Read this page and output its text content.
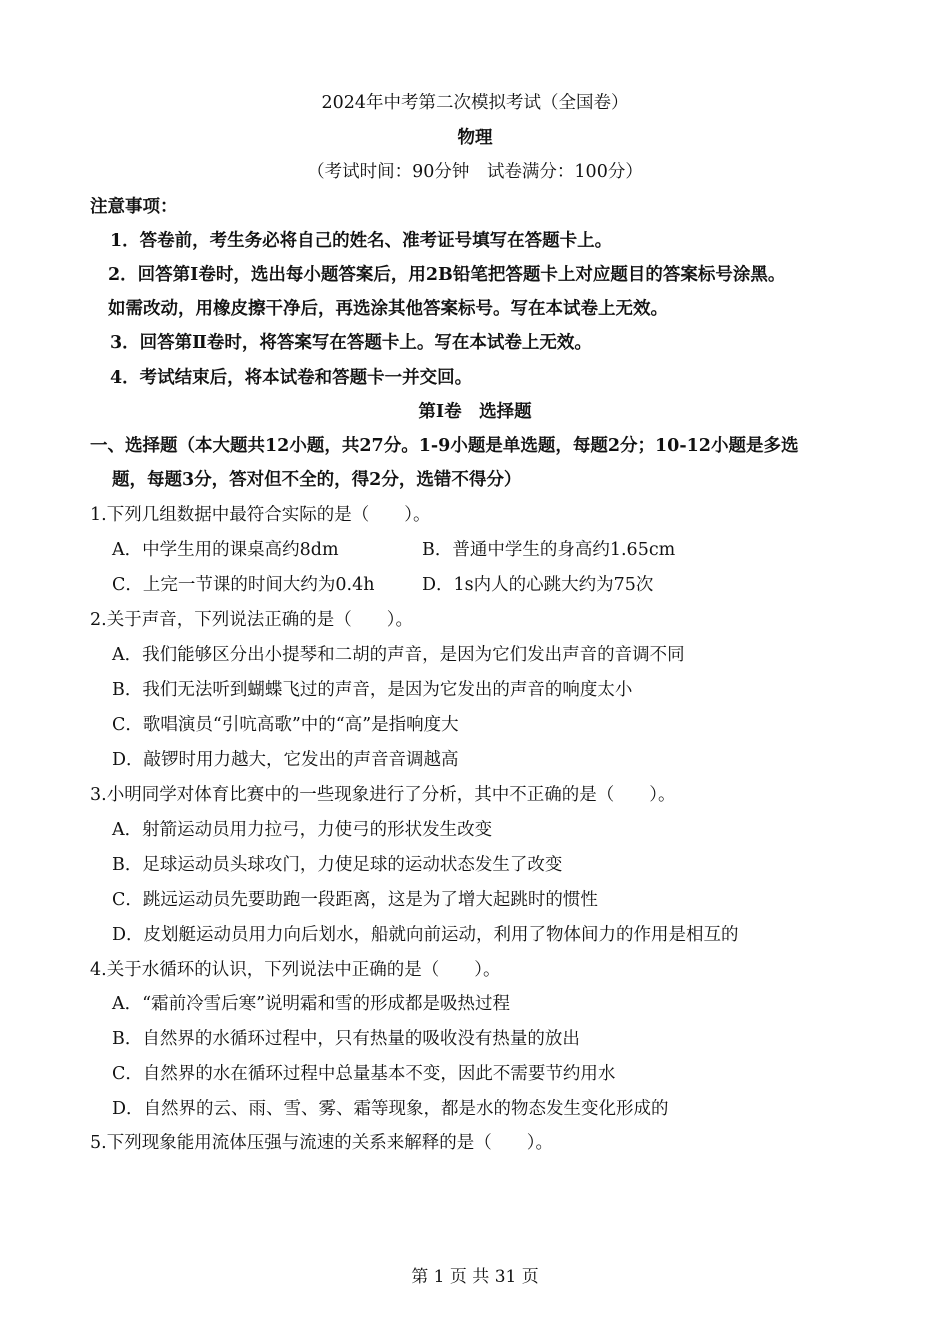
2024年中考第二次模拟考试（全国卷）
物理
（考试时间：90分钟　试卷满分：100分）
注意事项：
1．答卷前，考生务必将自己的姓名、准考证号填写在答题卡上。
2．回答第Ⅰ卷时，选出每小题答案后，用2B铅笔把答题卡上对应题目的答案标号涂黑。
如需改动，用橡皮擦干净后，再选涂其他答案标号。写在本试卷上无效。
3．回答第Ⅱ卷时，将答案写在答题卡上。写在本试卷上无效。
4．考试结束后，将本试卷和答题卡一并交回。
第Ⅰ卷　选择题
一、选择题（本大题共12小题，共27分。1-9小题是单选题，每题2分；10-12小题是多选
题，每题3分，答对但不全的，得2分，选错不得分）
1.下列几组数据中最符合实际的是（　　）。
A．中学生用的课桌高约8dm	B．普通中学生的身高约1.65cm
C．上完一节课的时间大约为0.4h	D．1s内人的心跳大约为75次
2.关于声音，下列说法正确的是（　　）。
A．我们能够区分出小提琴和二胡的声音，是因为它们发出声音的音调不同
B．我们无法听到蝴蝶飞过的声音，是因为它发出的声音的响度太小
C．歌唱演员“引吭高歌”中的“高”是指响度大
D．敲锣时用力越大，它发出的声音音调越高
3.小明同学对体育比赛中的一些现象进行了分析，其中不正确的是（　　）。
A．射箭运动员用力拉弓，力使弓的形状发生改变
B．足球运动员头球攻门，力使足球的运动状态发生了改变
C．跳远运动员先要助跑一段距离，这是为了增大起跳时的惯性
D．皮划艇运动员用力向后划水，船就向前运动，利用了物体间力的作用是相互的
4.关于水循环的认识，下列说法中正确的是（　　）。
A．“霜前冷雪后寒”说明霜和雪的形成都是吸热过程
B．自然界的水循环过程中，只有热量的吸收没有热量的放出
C．自然界的水在循环过程中总量基本不变，因此不需要节约用水
D．自然界的云、雨、雪、雾、霜等现象，都是水的物态发生变化形成的
5.下列现象能用流体压强与流速的关系来解释的是（　　）。
第 1 页 共 31 页
